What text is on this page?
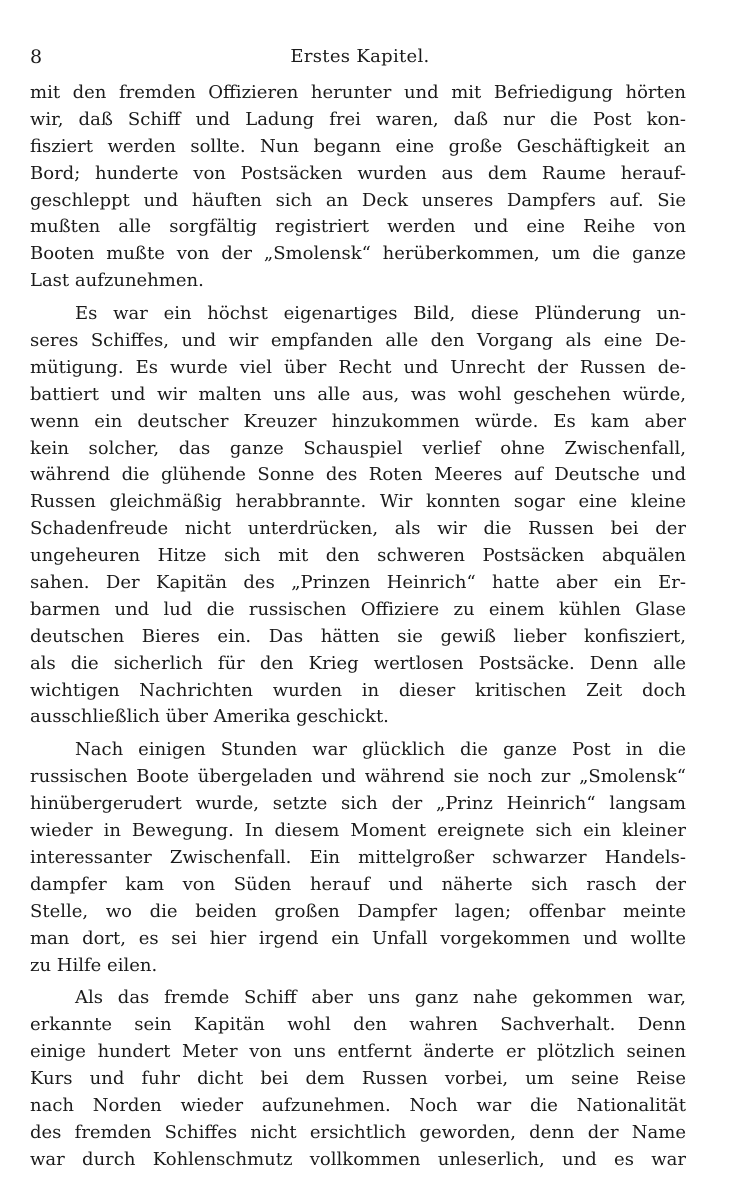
8	Erstes Kapitel.
mit den fremden Offizieren herunter und mit Befriedigung hörten
wir, daß Schiff und Ladung frei waren, daß nur die Post kon-
fisziert werden sollte. Nun begann eine große Geschäftigkeit an
Bord; hunderte von Postsäcken wurden aus dem Raume herauf-
geschleppt und häuften sich an Deck unseres Dampfers auf. Sie
mußten alle sorgfältig registriert werden und eine Reihe von
Booten mußte von der „Smolensk“ herüberkommen, um die ganze
Last aufzunehmen.
Es war ein höchst eigenartiges Bild, diese Plünderung un-
seres Schiffes, und wir empfanden alle den Vorgang als eine De-
mütigung. Es wurde viel über Recht und Unrecht der Russen de-
battiert und wir malten uns alle aus, was wohl geschehen würde,
wenn ein deutscher Kreuzer hinzukommen würde. Es kam aber
kein solcher, das ganze Schauspiel verlief ohne Zwischenfall,
während die glühende Sonne des Roten Meeres auf Deutsche und
Russen gleichmäßig herabbrannte. Wir konnten sogar eine kleine
Schadenfreude nicht unterdrücken, als wir die Russen bei der
ungeheuren Hitze sich mit den schweren Postsäcken abquälen
sahen. Der Kapitän des „Prinzen Heinrich“ hatte aber ein Er-
barmen und lud die russischen Offiziere zu einem kühlen Glase
deutschen Bieres ein. Das hätten sie gewiß lieber konfisziert,
als die sicherlich für den Krieg wertlosen Postsäcke. Denn alle
wichtigen Nachrichten wurden in dieser kritischen Zeit doch
ausschließlich über Amerika geschickt.
Nach einigen Stunden war glücklich die ganze Post in die
russischen Boote übergeladen und während sie noch zur „Smolensk“
hinübergerudert wurde, setzte sich der „Prinz Heinrich“ langsam
wieder in Bewegung. In diesem Moment ereignete sich ein kleiner
interessanter Zwischenfall. Ein mittelgroßer schwarzer Handels-
dampfer kam von Süden herauf und näherte sich rasch der
Stelle, wo die beiden großen Dampfer lagen; offenbar meinte
man dort, es sei hier irgend ein Unfall vorgekommen und wollte
zu Hilfe eilen.
Als das fremde Schiff aber uns ganz nahe gekommen war,
erkannte sein Kapitän wohl den wahren Sachverhalt. Denn
einige hundert Meter von uns entfernt änderte er plötzlich seinen
Kurs und fuhr dicht bei dem Russen vorbei, um seine Reise
nach Norden wieder aufzunehmen. Noch war die Nationalität
des fremden Schiffes nicht ersichtlich geworden, denn der Name
war durch Kohlenschmutz vollkommen unleserlich, und es war
